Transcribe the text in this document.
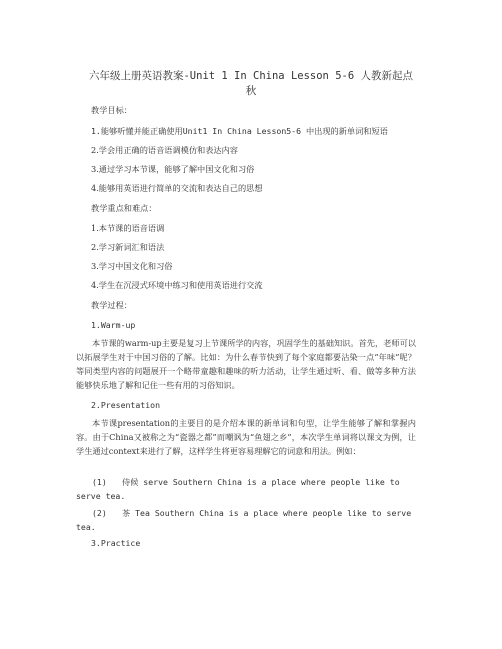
六年级上册英语教案-Unit 1 In China Lesson 5-6 人教新起点
秋
教学目标：
1.能够听懂并能正确使用Unit1 In China Lesson5-6 中出现的新单词和短语
2.学会用正确的语音语调模仿和表达内容
3.通过学习本节课，能够了解中国文化和习俗
4.能够用英语进行简单的交流和表达自己的思想
教学重点和难点：
1.本节课的语音语调
2.学习新词汇和语法
3.学习中国文化和习俗
4.学生在沉浸式环境中练习和使用英语进行交流
教学过程：
1.Warm-up
本节课的warm-up主要是复习上节课所学的内容，巩固学生的基础知识。首先，老师可以以拓展学生对于中国习俗的了解。比如：为什么春节快到了每个家庭都要沾染一点“年味”呢？等同类型内容的问题展开一个略带童趣和趣味的听力活动，让学生通过听、看、做等多种方法能够快乐地了解和记住一些有用的习俗知识。
2.Presentation
本节课presentation的主要目的是介绍本课的新单词和句型，让学生能够了解和掌握内容。由于China又被称之为“瓷器之都”而嘲讽为“鱼翅之乡”，本次学生单词将以课文为例，让学生通过context来进行了解，这样学生将更容易理解它的词意和用法。例如：
(1) 侍候 serve Southern China is a place where people like to serve tea.
(2) 茶 Tea Southern China is a place where people like to serve tea.
3.Practice
